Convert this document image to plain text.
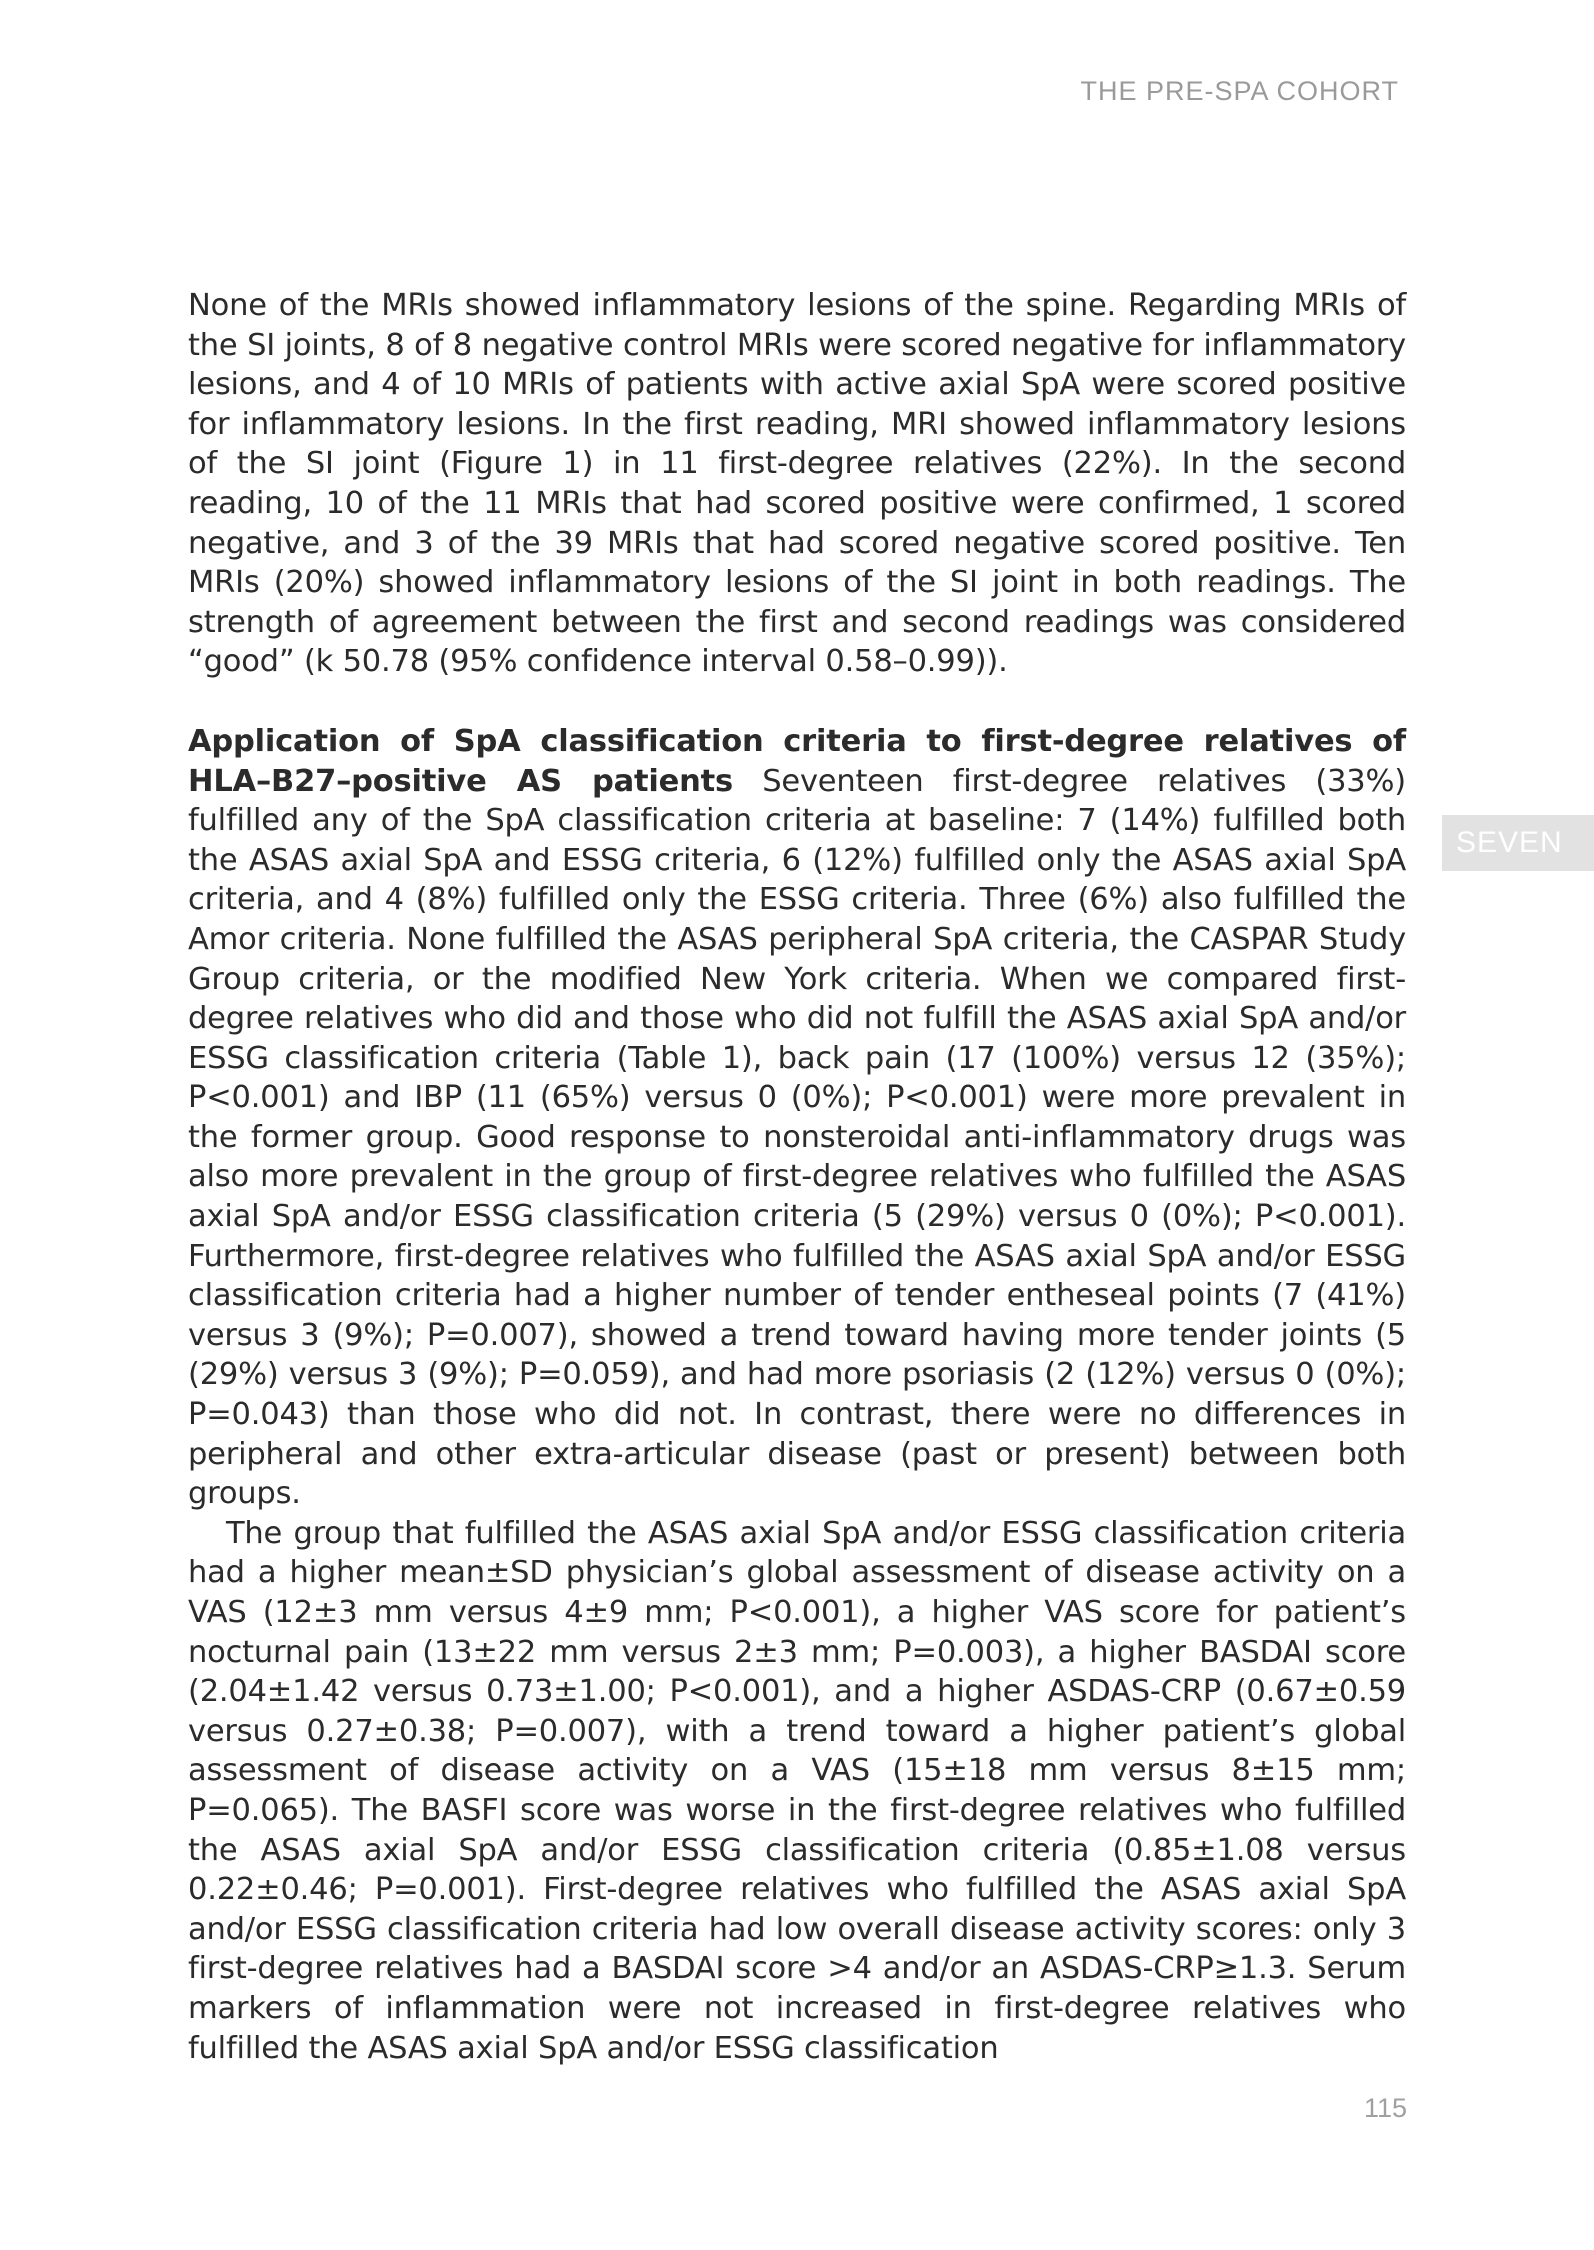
THE PRE-SPA COHORT
SEVEN

None of the MRIs showed inflammatory lesions of the spine. Regarding MRIs of the SI joints, 8 of 8 negative control MRIs were scored negative for inflammatory lesions, and 4 of 10 MRIs of patients with active axial SpA were scored positive for inflammatory lesions. In the first reading, MRI showed inflammatory lesions of the SI joint (Figure 1) in 11 first-degree relatives (22%). In the second reading, 10 of the 11 MRIs that had scored positive were confirmed, 1 scored negative, and 3 of the 39 MRIs that had scored negative scored positive. Ten MRIs (20%) showed inflammatory lesions of the SI joint in both readings. The strength of agreement between the first and second readings was considered “good” (k 50.78 (95% confidence interval 0.58–0.99)).

Application of SpA classification criteria to first-degree relatives of HLA–B27–positive AS patients Seventeen first-degree relatives (33%) fulfilled any of the SpA classification criteria at baseline: 7 (14%) fulfilled both the ASAS axial SpA and ESSG criteria, 6 (12%) fulfilled only the ASAS axial SpA criteria, and 4 (8%) fulfilled only the ESSG criteria. Three (6%) also fulfilled the Amor criteria. None fulfilled the ASAS peripheral SpA criteria, the CASPAR Study Group criteria, or the modified New York criteria. When we compared first-degree relatives who did and those who did not fulfill the ASAS axial SpA and/or ESSG classification criteria (Table 1), back pain (17 (100%) versus 12 (35%); P<0.001) and IBP (11 (65%) versus 0 (0%); P<0.001) were more prevalent in the former group. Good response to nonsteroidal anti-inflammatory drugs was also more prevalent in the group of first-degree relatives who fulfilled the ASAS axial SpA and/or ESSG classification criteria (5 (29%) versus 0 (0%); P<0.001). Furthermore, first-degree relatives who fulfilled the ASAS axial SpA and/or ESSG classification criteria had a higher number of tender entheseal points (7 (41%) versus 3 (9%); P=0.007), showed a trend toward having more tender joints (5 (29%) versus 3 (9%); P=0.059), and had more psoriasis (2 (12%) versus 0 (0%); P=0.043) than those who did not. In contrast, there were no differences in peripheral and other extra-articular disease (past or present) between both groups.

The group that fulfilled the ASAS axial SpA and/or ESSG classification criteria had a higher mean±SD physician’s global assessment of disease activity on a VAS (12±3 mm versus 4±9 mm; P<0.001), a higher VAS score for patient’s nocturnal pain (13±22 mm versus 2±3 mm; P=0.003), a higher BASDAI score (2.04±1.42 versus 0.73±1.00; P<0.001), and a higher ASDAS-CRP (0.67±0.59 versus 0.27±0.38; P=0.007), with a trend toward a higher patient’s global assessment of disease activity on a VAS (15±18 mm versus 8±15 mm; P=0.065). The BASFI score was worse in the first-degree relatives who fulfilled the ASAS axial SpA and/or ESSG classification criteria (0.85±1.08 versus 0.22±0.46; P=0.001). First-degree relatives who fulfilled the ASAS axial SpA and/or ESSG classification criteria had low overall disease activity scores: only 3 first-degree relatives had a BASDAI score >4 and/or an ASDAS-CRP≥1.3. Serum markers of inflammation were not increased in first-degree relatives who fulfilled the ASAS axial SpA and/or ESSG classification

115
